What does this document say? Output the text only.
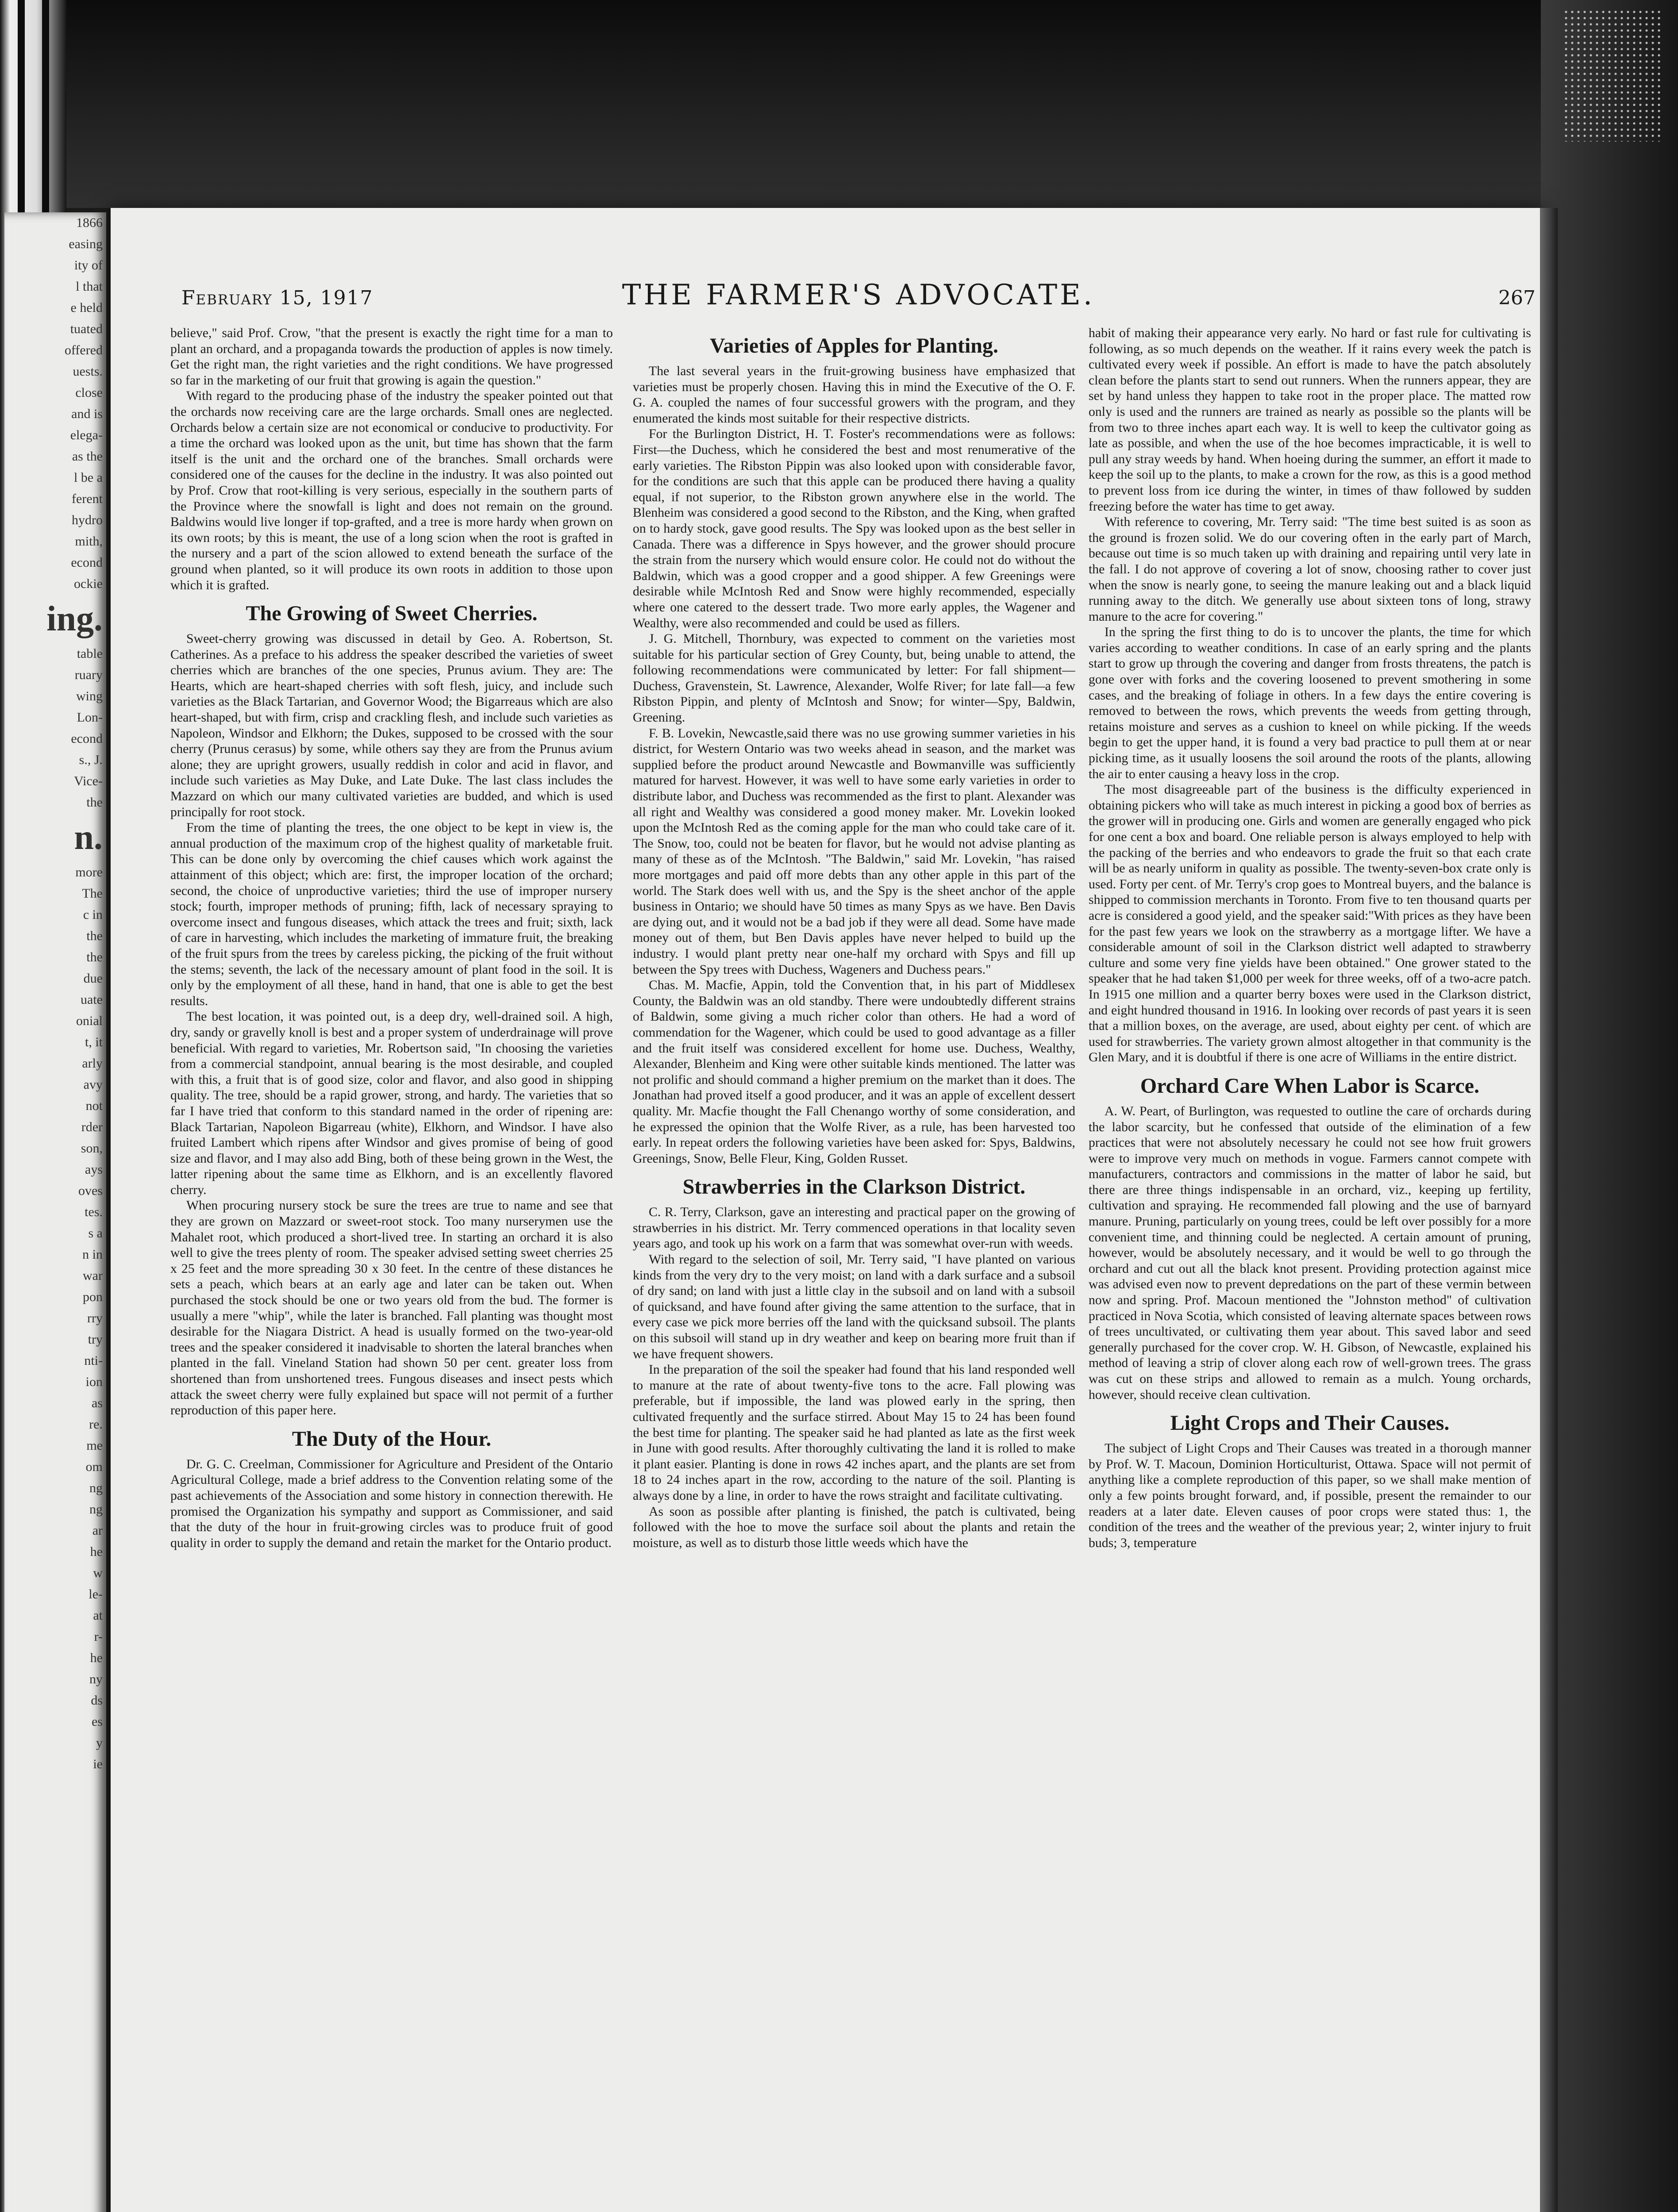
1866
easing
ity of
l that
e held
tuated
offered
uests.
close
and is
elega-
as the
l be a
ferent
hydro
mith,
econd
ockie
ing.
table
ruary
wing
Lon-
econd
s., J.
Vice-
the
n.
more
The
c in
the
the
due
uate
onial
t, it
arly
avy
not
rder
son,
ays
oves
tes.
s a
n in
war
pon
rry
try
nti-
ion
as
re.
me
om
ng
ng
ar
he
w
le-
at
r-
he
ny
ds
es
y
ie
THE FARMER'S ADVOCATE.
February 15, 1917	267

believe," said Prof. Crow, "that the present is exactly the right time for a man to plant an orchard, and a propaganda towards the production of apples is now timely. Get the right man, the right varieties and the right conditions. We have progressed so far in the marketing of our fruit that growing is again the question."

With regard to the producing phase of the industry the speaker pointed out that the orchards now receiving care are the large orchards. Small ones are neglected. Orchards below a certain size are not economical or conducive to productivity. For a time the orchard was looked upon as the unit, but time has shown that the farm itself is the unit and the orchard one of the branches. Small orchards were considered one of the causes for the decline in the industry. It was also pointed out by Prof. Crow that root-killing is very serious, especially in the southern parts of the Province where the snowfall is light and does not remain on the ground. Baldwins would live longer if top-grafted, and a tree is more hardy when grown on its own roots; by this is meant, the use of a long scion when the root is grafted in the nursery and a part of the scion allowed to extend beneath the surface of the ground when planted, so it will produce its own roots in addition to those upon which it is grafted.

The Growing of Sweet Cherries.

Sweet-cherry growing was discussed in detail by Geo. A. Robertson, St. Catherines. As a preface to his address the speaker described the varieties of sweet cherries which are branches of the one species, Prunus avium. They are: The Hearts, which are heart-shaped cherries with soft flesh, juicy, and include such varieties as the Black Tartarian, and Governor Wood; the Bigarreaus which are also heart-shaped, but with firm, crisp and crackling flesh, and include such varieties as Napoleon, Windsor and Elkhorn; the Dukes, supposed to be crossed with the sour cherry (Prunus cerasus) by some, while others say they are from the Prunus avium alone; they are upright growers, usually reddish in color and acid in flavor, and include such varieties as May Duke, and Late Duke. The last class includes the Mazzard on which our many cultivated varieties are budded, and which is used principally for root stock.

From the time of planting the trees, the one object to be kept in view is, the annual production of the maximum crop of the highest quality of marketable fruit. This can be done only by overcoming the chief causes which work against the attainment of this object; which are: first, the improper location of the orchard; second, the choice of unproductive varieties; third the use of improper nursery stock; fourth, improper methods of pruning; fifth, lack of necessary spraying to overcome insect and fungous diseases, which attack the trees and fruit; sixth, lack of care in harvesting, which includes the marketing of immature fruit, the breaking of the fruit spurs from the trees by careless picking, the picking of the fruit without the stems; seventh, the lack of the necessary amount of plant food in the soil. It is only by the employment of all these, hand in hand, that one is able to get the best results.

The best location, it was pointed out, is a deep dry, well-drained soil. A high, dry, sandy or gravelly knoll is best and a proper system of underdrainage will prove beneficial. With regard to varieties, Mr. Robertson said, "In choosing the varieties from a commercial standpoint, annual bearing is the most desirable, and coupled with this, a fruit that is of good size, color and flavor, and also good in shipping quality. The tree, should be a rapid grower, strong, and hardy. The varieties that so far I have tried that conform to this standard named in the order of ripening are: Black Tartarian, Napoleon Bigarreau (white), Elkhorn, and Windsor. I have also fruited Lambert which ripens after Windsor and gives promise of being of good size and flavor, and I may also add Bing, both of these being grown in the West, the latter ripening about the same time as Elkhorn, and is an excellently flavored cherry.

When procuring nursery stock be sure the trees are true to name and see that they are grown on Mazzard or sweet-root stock. Too many nurserymen use the Mahalet root, which produced a short-lived tree. In starting an orchard it is also well to give the trees plenty of room. The speaker advised setting sweet cherries 25 x 25 feet and the more spreading 30 x 30 feet. In the centre of these distances he sets a peach, which bears at an early age and later can be taken out. When purchased the stock should be one or two years old from the bud. The former is usually a mere "whip", while the later is branched. Fall planting was thought most desirable for the Niagara District. A head is usually formed on the two-year-old trees and the speaker considered it inadvisable to shorten the lateral branches when planted in the fall. Vineland Station had shown 50 per cent. greater loss from shortened than from unshortened trees. Fungous diseases and insect pests which attack the sweet cherry were fully explained but space will not permit of a further reproduction of this paper here.

The Duty of the Hour.

Dr. G. C. Creelman, Commissioner for Agriculture and President of the Ontario Agricultural College, made a brief address to the Convention relating some of the past achievements of the Association and some history in connection therewith. He promised the Organization his sympathy and support as Commissioner, and said that the duty of the hour in fruit-growing circles was to produce fruit of good quality in order to supply the demand and retain the market for the Ontario product.

Varieties of Apples for Planting.

The last several years in the fruit-growing business have emphasized that varieties must be properly chosen. Having this in mind the Executive of the O. F. G. A. coupled the names of four successful growers with the program, and they enumerated the kinds most suitable for their respective districts.

For the Burlington District, H. T. Foster's recommendations were as follows: First—the Duchess, which he considered the best and most renumerative of the early varieties. The Ribston Pippin was also looked upon with considerable favor, for the conditions are such that this apple can be produced there having a quality equal, if not superior, to the Ribston grown anywhere else in the world. The Blenheim was considered a good second to the Ribston, and the King, when grafted on to hardy stock, gave good results. The Spy was looked upon as the best seller in Canada. There was a difference in Spys however, and the grower should procure the strain from the nursery which would ensure color. He could not do without the Baldwin, which was a good cropper and a good shipper. A few Greenings were desirable while McIntosh Red and Snow were highly recommended, especially where one catered to the dessert trade. Two more early apples, the Wagener and Wealthy, were also recommended and could be used as fillers.

J. G. Mitchell, Thornbury, was expected to comment on the varieties most suitable for his particular section of Grey County, but, being unable to attend, the following recommendations were communicated by letter: For fall shipment—Duchess, Gravenstein, St. Lawrence, Alexander, Wolfe River; for late fall—a few Ribston Pippin, and plenty of McIntosh and Snow; for winter—Spy, Baldwin, Greening.

F. B. Lovekin, Newcastle,said there was no use growing summer varieties in his district, for Western Ontario was two weeks ahead in season, and the market was supplied before the product around Newcastle and Bowmanville was sufficiently matured for harvest. However, it was well to have some early varieties in order to distribute labor, and Duchess was recommended as the first to plant. Alexander was all right and Wealthy was considered a good money maker. Mr. Lovekin looked upon the McIntosh Red as the coming apple for the man who could take care of it. The Snow, too, could not be beaten for flavor, but he would not advise planting as many of these as of the McIntosh. "The Baldwin," said Mr. Lovekin, "has raised more mortgages and paid off more debts than any other apple in this part of the world. The Stark does well with us, and the Spy is the sheet anchor of the apple business in Ontario; we should have 50 times as many Spys as we have. Ben Davis are dying out, and it would not be a bad job if they were all dead. Some have made money out of them, but Ben Davis apples have never helped to build up the industry. I would plant pretty near one-half my orchard with Spys and fill up between the Spy trees with Duchess, Wageners and Duchess pears."

Chas. M. Macfie, Appin, told the Convention that, in his part of Middlesex County, the Baldwin was an old standby. There were undoubtedly different strains of Baldwin, some giving a much richer color than others. He had a word of commendation for the Wagener, which could be used to good advantage as a filler and the fruit itself was considered excellent for home use. Duchess, Wealthy, Alexander, Blenheim and King were other suitable kinds mentioned. The latter was not prolific and should command a higher premium on the market than it does. The Jonathan had proved itself a good producer, and it was an apple of excellent dessert quality. Mr. Macfie thought the Fall Chenango worthy of some consideration, and he expressed the opinion that the Wolfe River, as a rule, has been harvested too early. In repeat orders the following varieties have been asked for: Spys, Baldwins, Greenings, Snow, Belle Fleur, King, Golden Russet.

Strawberries in the Clarkson District.

C. R. Terry, Clarkson, gave an interesting and practical paper on the growing of strawberries in his district. Mr. Terry commenced operations in that locality seven years ago, and took up his work on a farm that was somewhat over-run with weeds.

With regard to the selection of soil, Mr. Terry said, "I have planted on various kinds from the very dry to the very moist; on land with a dark surface and a subsoil of dry sand; on land with just a little clay in the subsoil and on land with a subsoil of quicksand, and have found after giving the same attention to the surface, that in every case we pick more berries off the land with the quicksand subsoil. The plants on this subsoil will stand up in dry weather and keep on bearing more fruit than if we have frequent showers.

In the preparation of the soil the speaker had found that his land responded well to manure at the rate of about twenty-five tons to the acre. Fall plowing was preferable, but if impossible, the land was plowed early in the spring, then cultivated frequently and the surface stirred. About May 15 to 24 has been found the best time for planting. The speaker said he had planted as late as the first week in June with good results. After thoroughly cultivating the land it is rolled to make it plant easier. Planting is done in rows 42 inches apart, and the plants are set from 18 to 24 inches apart in the row, according to the nature of the soil. Planting is always done by a line, in order to have the rows straight and facilitate cultivating.

As soon as possible after planting is finished, the patch is cultivated, being followed with the hoe to move the surface soil about the plants and retain the moisture, as well as to disturb those little weeds which have the

habit of making their appearance very early. No hard or fast rule for cultivating is following, as so much depends on the weather. If it rains every week the patch is cultivated every week if possible. An effort is made to have the patch absolutely clean before the plants start to send out runners. When the runners appear, they are set by hand unless they happen to take root in the proper place. The matted row only is used and the runners are trained as nearly as possible so the plants will be from two to three inches apart each way. It is well to keep the cultivator going as late as possible, and when the use of the hoe becomes impracticable, it is well to pull any stray weeds by hand. When hoeing during the summer, an effort it made to keep the soil up to the plants, to make a crown for the row, as this is a good method to prevent loss from ice during the winter, in times of thaw followed by sudden freezing before the water has time to get away.

With reference to covering, Mr. Terry said: "The time best suited is as soon as the ground is frozen solid. We do our covering often in the early part of March, because out time is so much taken up with draining and repairing until very late in the fall. I do not approve of covering a lot of snow, choosing rather to cover just when the snow is nearly gone, to seeing the manure leaking out and a black liquid running away to the ditch. We generally use about sixteen tons of long, strawy manure to the acre for covering."

In the spring the first thing to do is to uncover the plants, the time for which varies according to weather conditions. In case of an early spring and the plants start to grow up through the covering and danger from frosts threatens, the patch is gone over with forks and the covering loosened to prevent smothering in some cases, and the breaking of foliage in others. In a few days the entire covering is removed to between the rows, which prevents the weeds from getting through, retains moisture and serves as a cushion to kneel on while picking. If the weeds begin to get the upper hand, it is found a very bad practice to pull them at or near picking time, as it usually loosens the soil around the roots of the plants, allowing the air to enter causing a heavy loss in the crop.

The most disagreeable part of the business is the difficulty experienced in obtaining pickers who will take as much interest in picking a good box of berries as the grower will in producing one. Girls and women are generally engaged who pick for one cent a box and board. One reliable person is always employed to help with the packing of the berries and who endeavors to grade the fruit so that each crate will be as nearly uniform in quality as possible. The twenty-seven-box crate only is used. Forty per cent. of Mr. Terry's crop goes to Montreal buyers, and the balance is shipped to commission merchants in Toronto. From five to ten thousand quarts per acre is considered a good yield, and the speaker said:"With prices as they have been for the past few years we look on the strawberry as a mortgage lifter. We have a considerable amount of soil in the Clarkson district well adapted to strawberry culture and some very fine yields have been obtained." One grower stated to the speaker that he had taken $1,000 per week for three weeks, off of a two-acre patch. In 1915 one million and a quarter berry boxes were used in the Clarkson district, and eight hundred thousand in 1916. In looking over records of past years it is seen that a million boxes, on the average, are used, about eighty per cent. of which are used for strawberries. The variety grown almost altogether in that community is the Glen Mary, and it is doubtful if there is one acre of Williams in the entire district.

Orchard Care When Labor is Scarce.

A. W. Peart, of Burlington, was requested to outline the care of orchards during the labor scarcity, but he confessed that outside of the elimination of a few practices that were not absolutely necessary he could not see how fruit growers were to improve very much on methods in vogue. Farmers cannot compete with manufacturers, contractors and commissions in the matter of labor he said, but there are three things indispensable in an orchard, viz., keeping up fertility, cultivation and spraying. He recommended fall plowing and the use of barnyard manure. Pruning, particularly on young trees, could be left over possibly for a more convenient time, and thinning could be neglected. A certain amount of pruning, however, would be absolutely necessary, and it would be well to go through the orchard and cut out all the black knot present. Providing protection against mice was advised even now to prevent depredations on the part of these vermin between now and spring. Prof. Macoun mentioned the "Johnston method" of cultivation practiced in Nova Scotia, which consisted of leaving alternate spaces between rows of trees uncultivated, or cultivating them year about. This saved labor and seed generally purchased for the cover crop. W. H. Gibson, of Newcastle, explained his method of leaving a strip of clover along each row of well-grown trees. The grass was cut on these strips and allowed to remain as a mulch. Young orchards, however, should receive clean cultivation.

Light Crops and Their Causes.

The subject of Light Crops and Their Causes was treated in a thorough manner by Prof. W. T. Macoun, Dominion Horticulturist, Ottawa. Space will not permit of anything like a complete reproduction of this paper, so we shall make mention of only a few points brought forward, and, if possible, present the remainder to our readers at a later date. Eleven causes of poor crops were stated thus: 1, the condition of the trees and the weather of the previous year; 2, winter injury to fruit buds; 3, temperature
